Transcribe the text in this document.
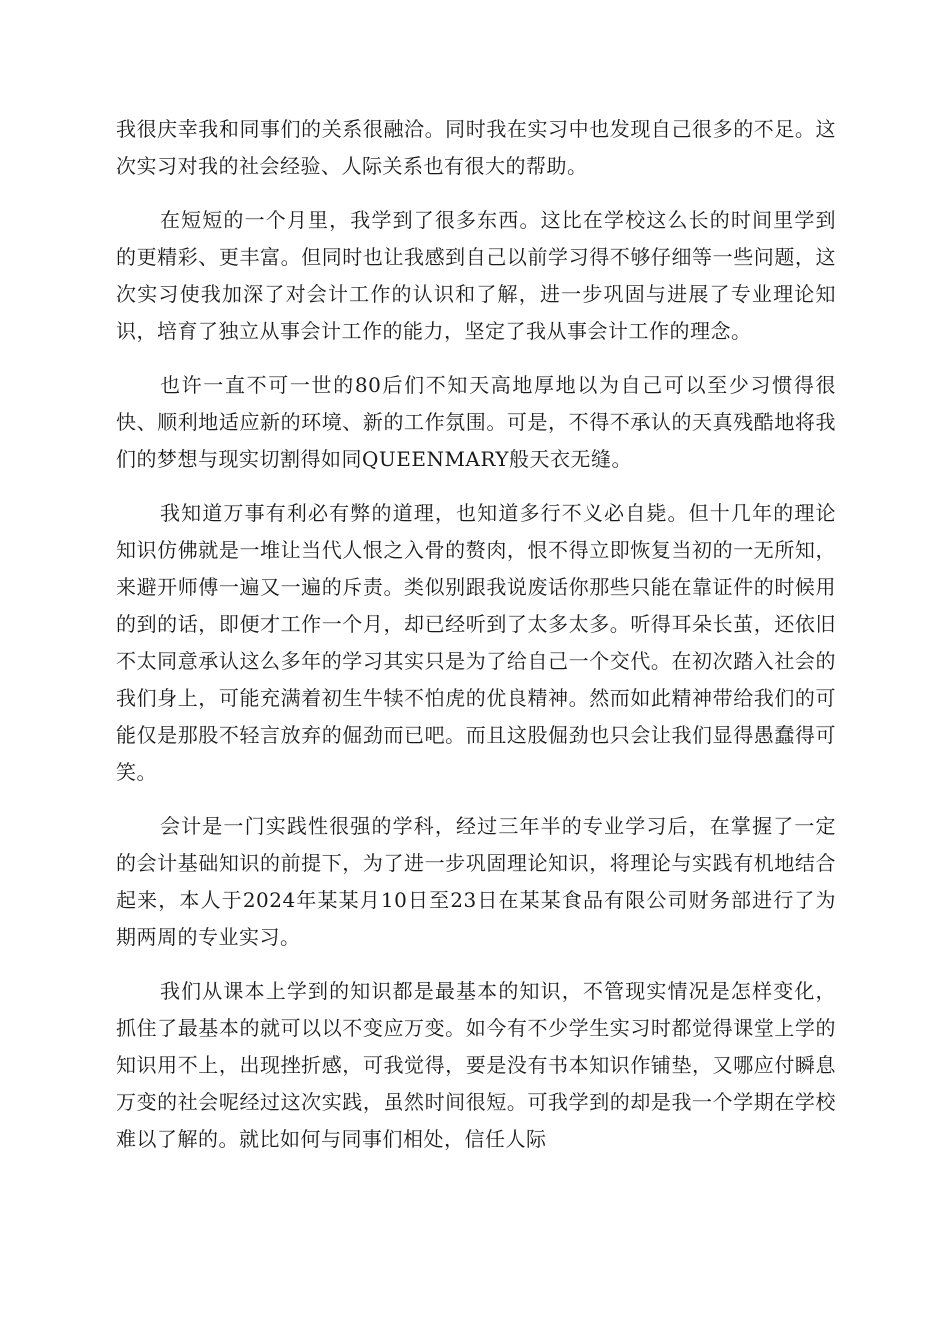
我很庆幸我和同事们的关系很融洽。同时我在实习中也发现自己很多的不足。这次实习对我的社会经验、人际关系也有很大的帮助。

在短短的一个月里，我学到了很多东西。这比在学校这么长的时间里学到的更精彩、更丰富。但同时也让我感到自己以前学习得不够仔细等一些问题，这次实习使我加深了对会计工作的认识和了解，进一步巩固与进展了专业理论知识，培育了独立从事会计工作的能力，坚定了我从事会计工作的理念。

也许一直不可一世的80后们不知天高地厚地以为自己可以至少习惯得很快、顺利地适应新的环境、新的工作氛围。可是，不得不承认的天真残酷地将我们的梦想与现实切割得如同QUEENMARY般天衣无缝。

我知道万事有利必有弊的道理，也知道多行不义必自毙。但十几年的理论知识仿佛就是一堆让当代人恨之入骨的赘肉，恨不得立即恢复当初的一无所知，来避开师傅一遍又一遍的斥责。类似别跟我说废话你那些只能在靠证件的时候用的到的话，即便才工作一个月，却已经听到了太多太多。听得耳朵长茧，还依旧不太同意承认这么多年的学习其实只是为了给自己一个交代。在初次踏入社会的我们身上，可能充满着初生牛犊不怕虎的优良精神。然而如此精神带给我们的可能仅是那股不轻言放弃的倔劲而已吧。而且这股倔劲也只会让我们显得愚蠢得可笑。

会计是一门实践性很强的学科，经过三年半的专业学习后，在掌握了一定的会计基础知识的前提下，为了进一步巩固理论知识，将理论与实践有机地结合起来，本人于2024年某某月10日至23日在某某食品有限公司财务部进行了为期两周的专业实习。

我们从课本上学到的知识都是最基本的知识，不管现实情况是怎样变化，抓住了最基本的就可以以不变应万变。如今有不少学生实习时都觉得课堂上学的知识用不上，出现挫折感，可我觉得，要是没有书本知识作铺垫，又哪应付瞬息万变的社会呢经过这次实践，虽然时间很短。可我学到的却是我一个学期在学校难以了解的。就比如何与同事们相处，信任人际
